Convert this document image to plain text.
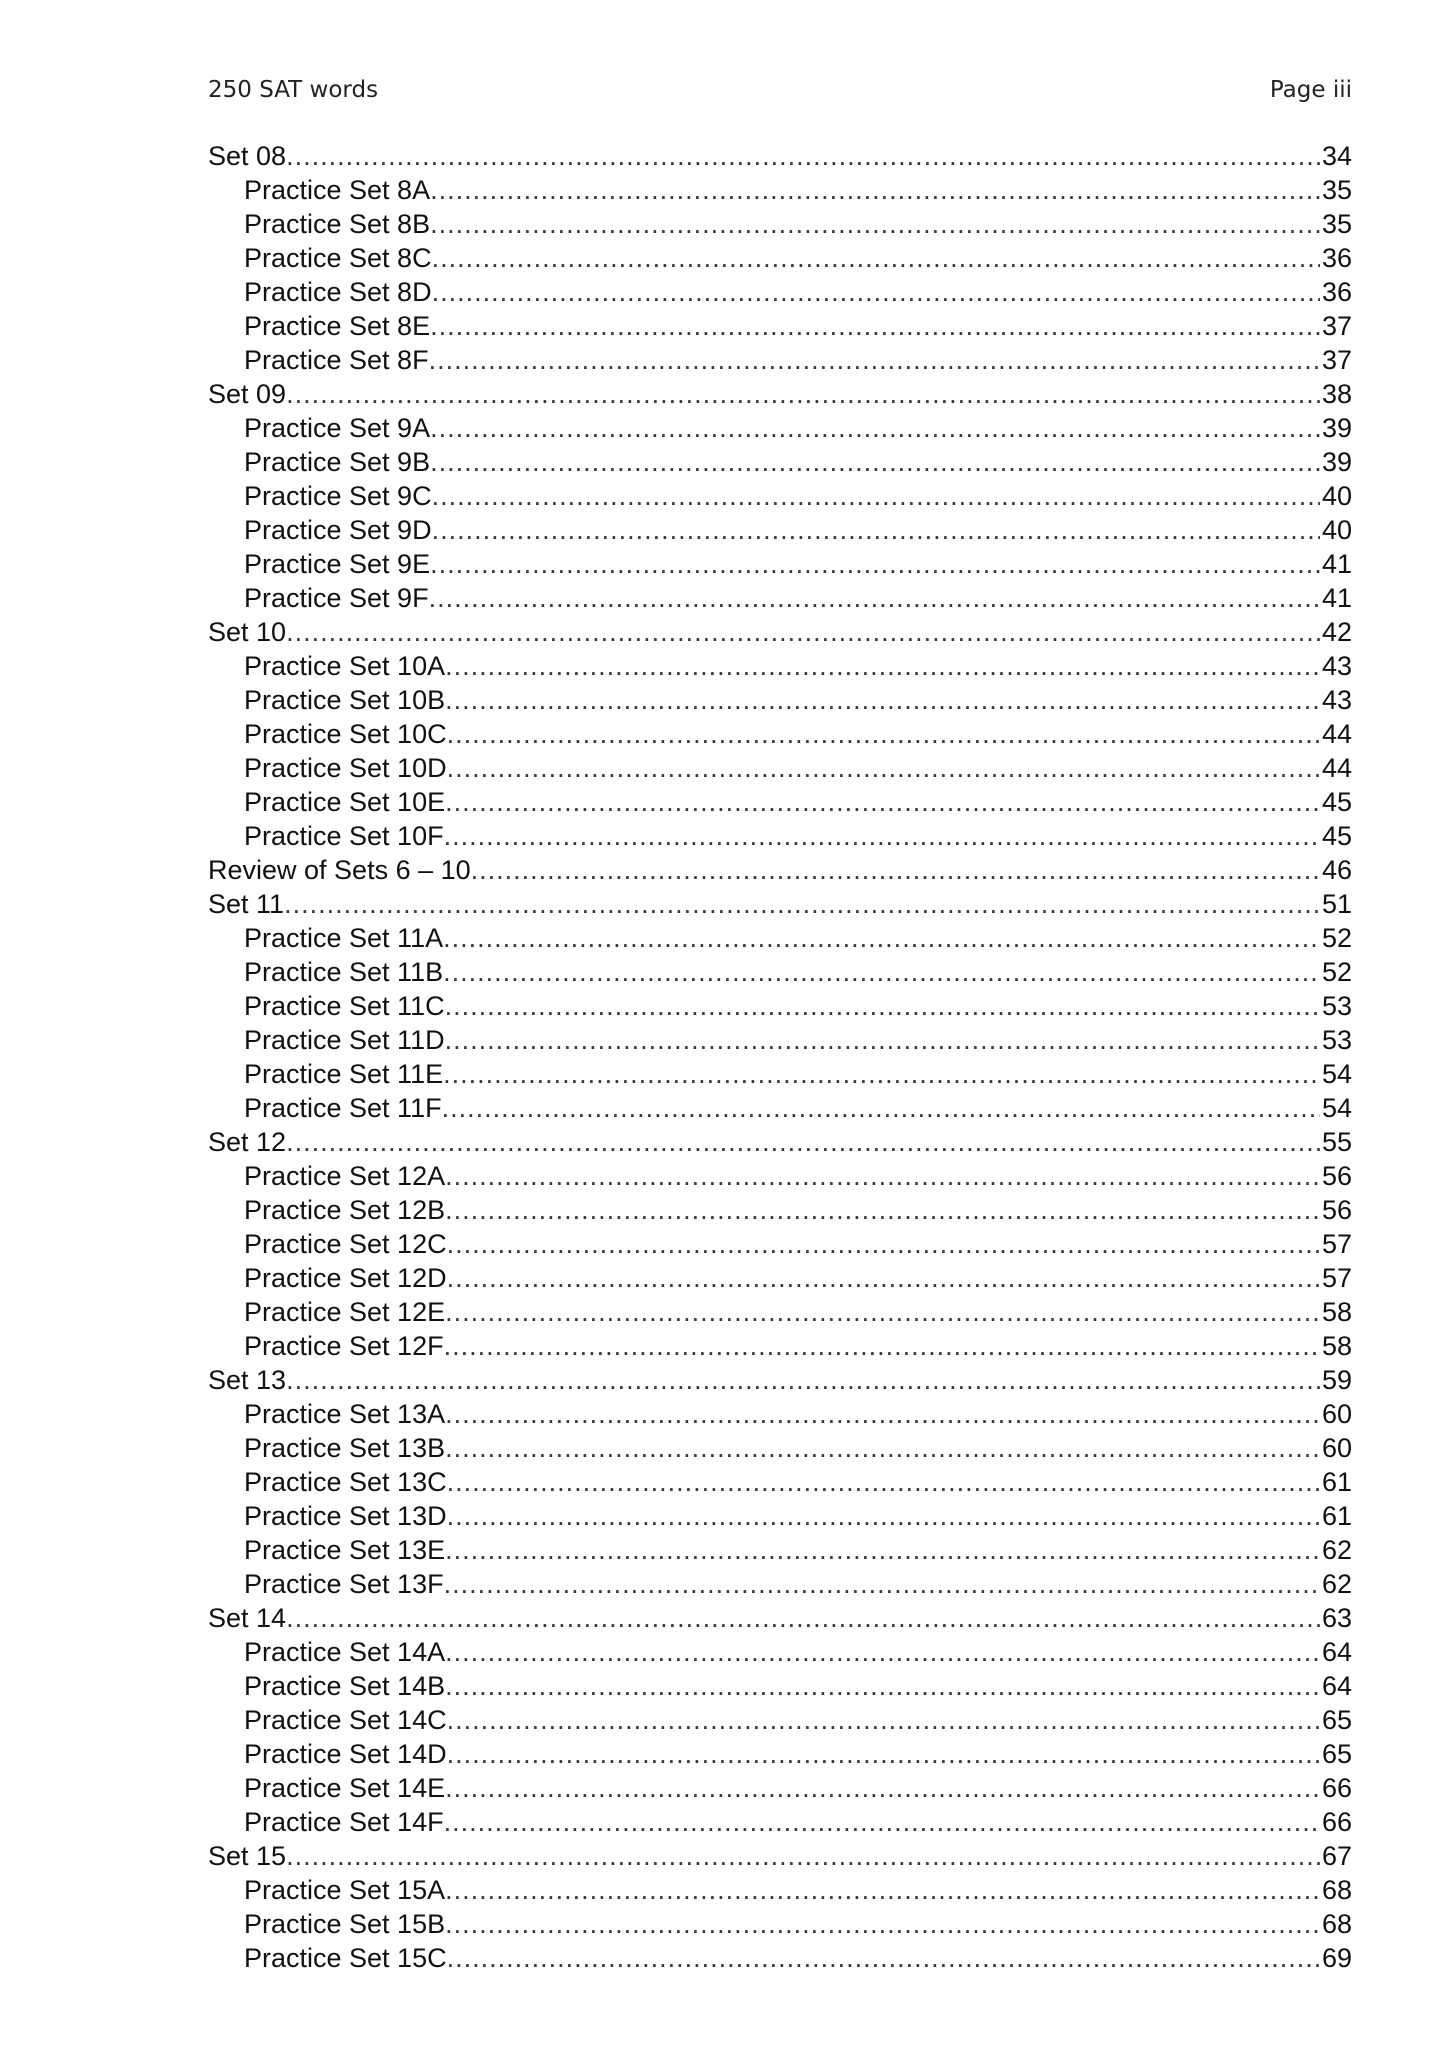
250 SAT words	Page iii
Set 08 .....	34
Practice Set 8A .....	35
Practice Set 8B .....	35
Practice Set 8C .....	36
Practice Set 8D .....	36
Practice Set 8E .....	37
Practice Set 8F .....	37
Set 09 .....	38
Practice Set 9A .....	39
Practice Set 9B .....	39
Practice Set 9C .....	40
Practice Set 9D .....	40
Practice Set 9E .....	41
Practice Set 9F .....	41
Set 10 .....	42
Practice Set 10A .....	43
Practice Set 10B .....	43
Practice Set 10C .....	44
Practice Set 10D .....	44
Practice Set 10E .....	45
Practice Set 10F .....	45
Review of Sets 6 – 10 .....	46
Set 11 .....	51
Practice Set 11A .....	52
Practice Set 11B .....	52
Practice Set 11C .....	53
Practice Set 11D .....	53
Practice Set 11E .....	54
Practice Set 11F .....	54
Set 12 .....	55
Practice Set 12A .....	56
Practice Set 12B .....	56
Practice Set 12C .....	57
Practice Set 12D .....	57
Practice Set 12E .....	58
Practice Set 12F .....	58
Set 13 .....	59
Practice Set 13A .....	60
Practice Set 13B .....	60
Practice Set 13C .....	61
Practice Set 13D .....	61
Practice Set 13E .....	62
Practice Set 13F .....	62
Set 14 .....	63
Practice Set 14A .....	64
Practice Set 14B .....	64
Practice Set 14C .....	65
Practice Set 14D .....	65
Practice Set 14E .....	66
Practice Set 14F .....	66
Set 15 .....	67
Practice Set 15A .....	68
Practice Set 15B .....	68
Practice Set 15C .....	69
